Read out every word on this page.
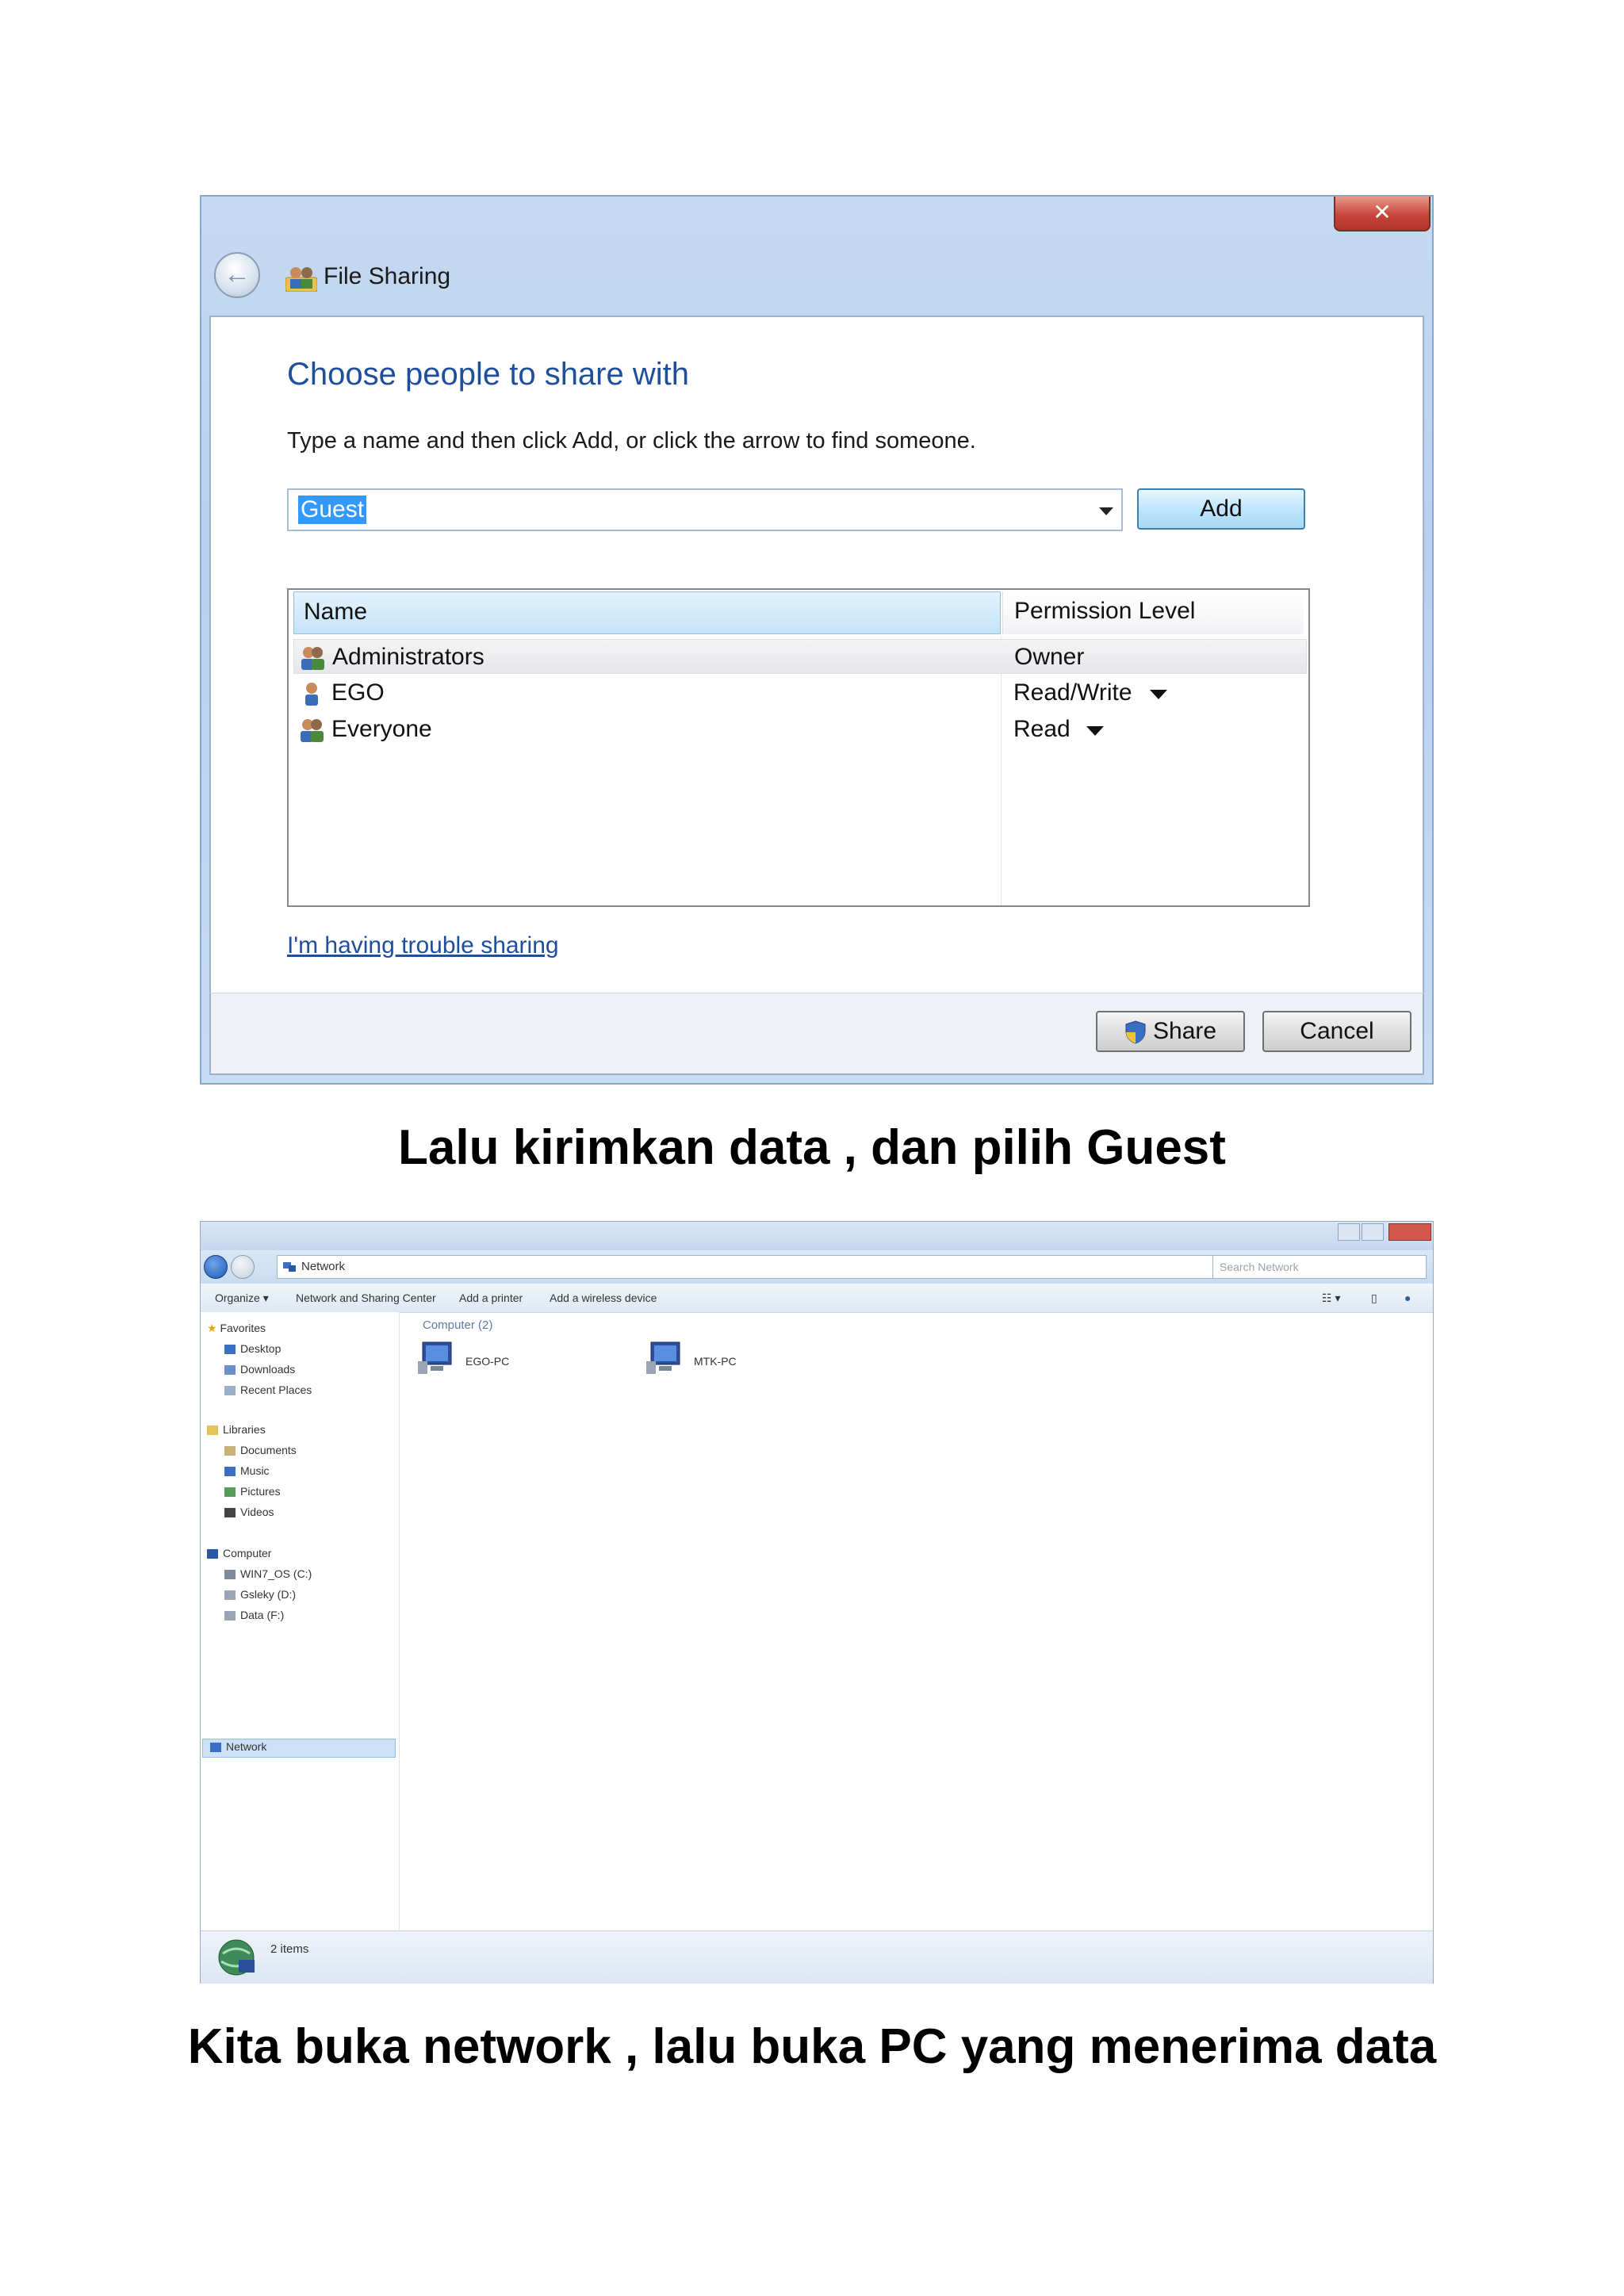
✕
←	File Sharing
Choose people to share with
Type a name and then click Add, or click the arrow to find someone.
Guest	Add
Name	Permission Level
Administrators	Owner
EGO	Read/Write
Everyone	Read
I'm having trouble sharing
Share	Cancel
Lalu kirimkan data , dan pilih Guest
Network	Search Network
Organize ▾ Network and Sharing Center Add a printer Add a wireless device	☷ ▾	▯ ●
★ Favorites
Desktop
Downloads
Recent Places
Libraries
Documents
Music
Pictures
Videos
Computer
WIN7_OS (C:)
Gsleky (D:)
Data (F:)
Network
Computer (2)
EGO-PC	MTK-PC
2 items
Kita buka network , lalu buka PC yang menerima data
